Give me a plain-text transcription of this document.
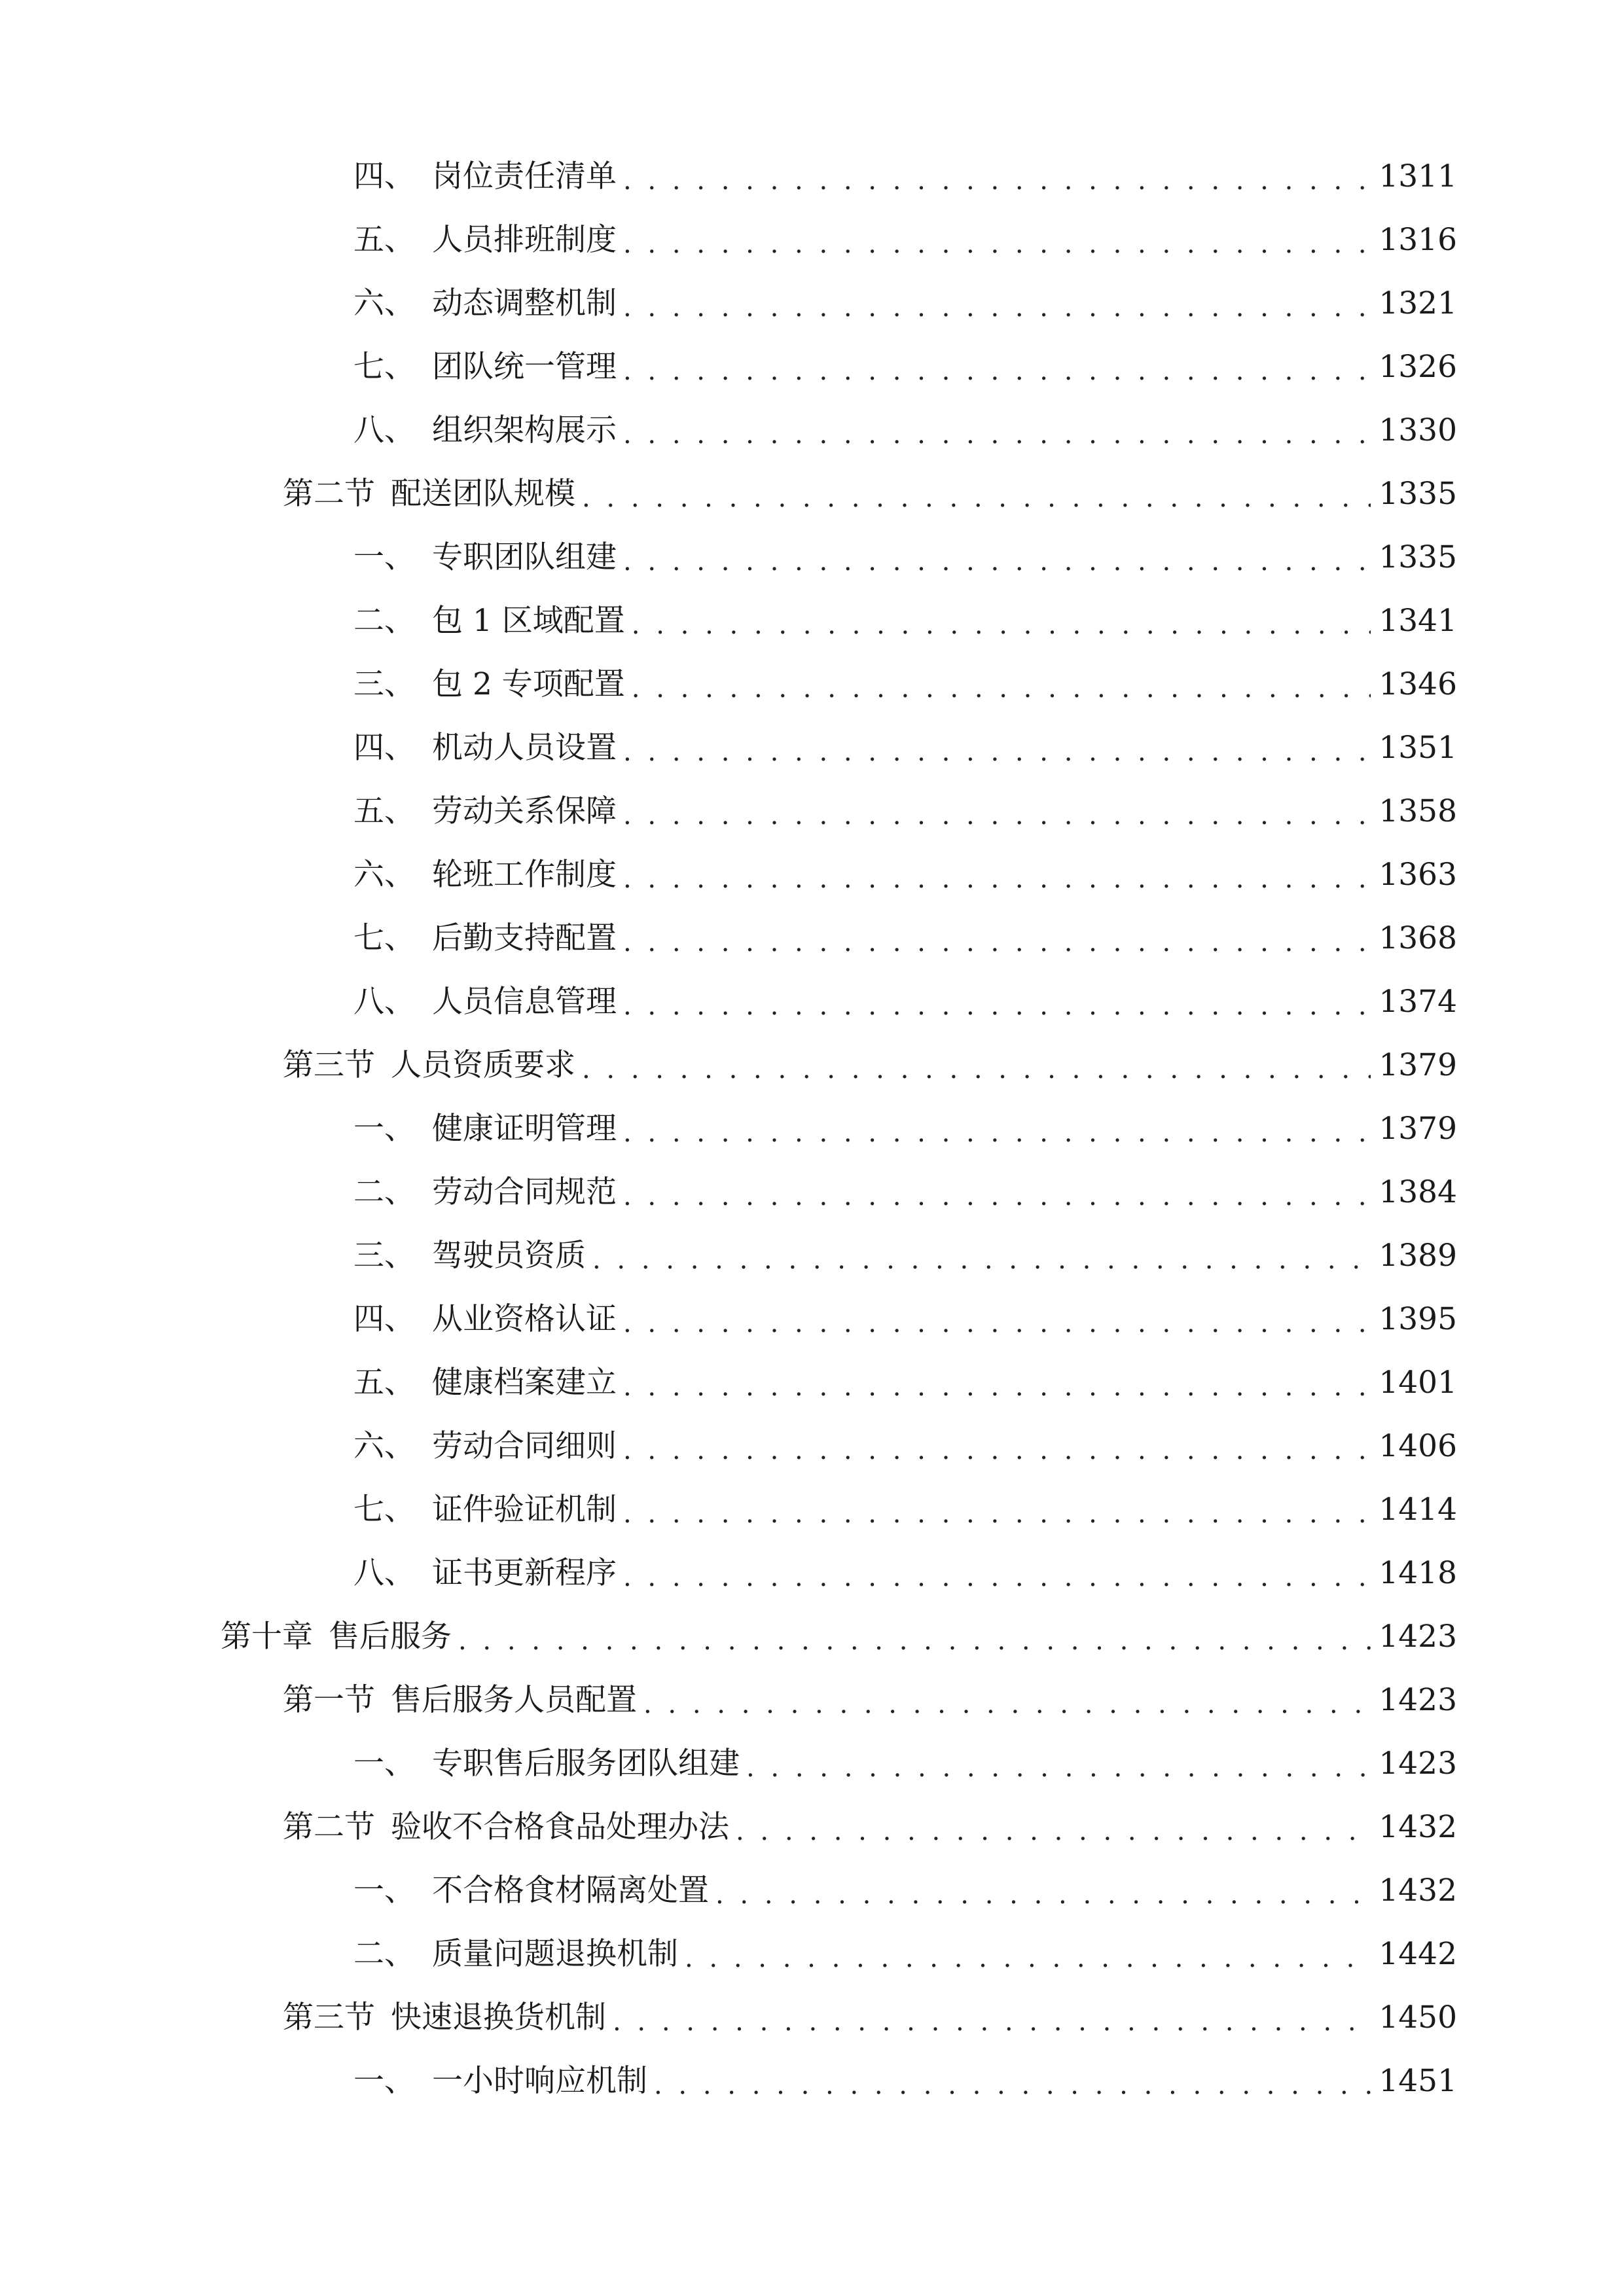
四、 岗位责任清单 . . .	1311
五、 人员排班制度 . . .	1316
六、 动态调整机制 . . .	1321
七、 团队统一管理 . . .	1326
八、 组织架构展示 . . .	1330
第二节 配送团队规模 . . .	1335
一、 专职团队组建 . . .	1335
二、 包 1 区域配置 . . .	1341
三、 包 2 专项配置 . . .	1346
四、 机动人员设置 . . .	1351
五、 劳动关系保障 . . .	1358
六、 轮班工作制度 . . .	1363
七、 后勤支持配置 . . .	1368
八、 人员信息管理 . . .	1374
第三节 人员资质要求 . . .	1379
一、 健康证明管理 . . .	1379
二、 劳动合同规范 . . .	1384
三、 驾驶员资质 . . .	1389
四、 从业资格认证 . . .	1395
五、 健康档案建立 . . .	1401
六、 劳动合同细则 . . .	1406
七、 证件验证机制 . . .	1414
八、 证书更新程序 . . .	1418
第十章 售后服务 . . .	1423
第一节 售后服务人员配置 . . .	1423
一、 专职售后服务团队组建 . . .	1423
第二节 验收不合格食品处理办法 . . .	1432
一、 不合格食材隔离处置 . . .	1432
二、 质量问题退换机制 . . .	1442
第三节 快速退换货机制 . . .	1450
一、 一小时响应机制 . . .	1451
